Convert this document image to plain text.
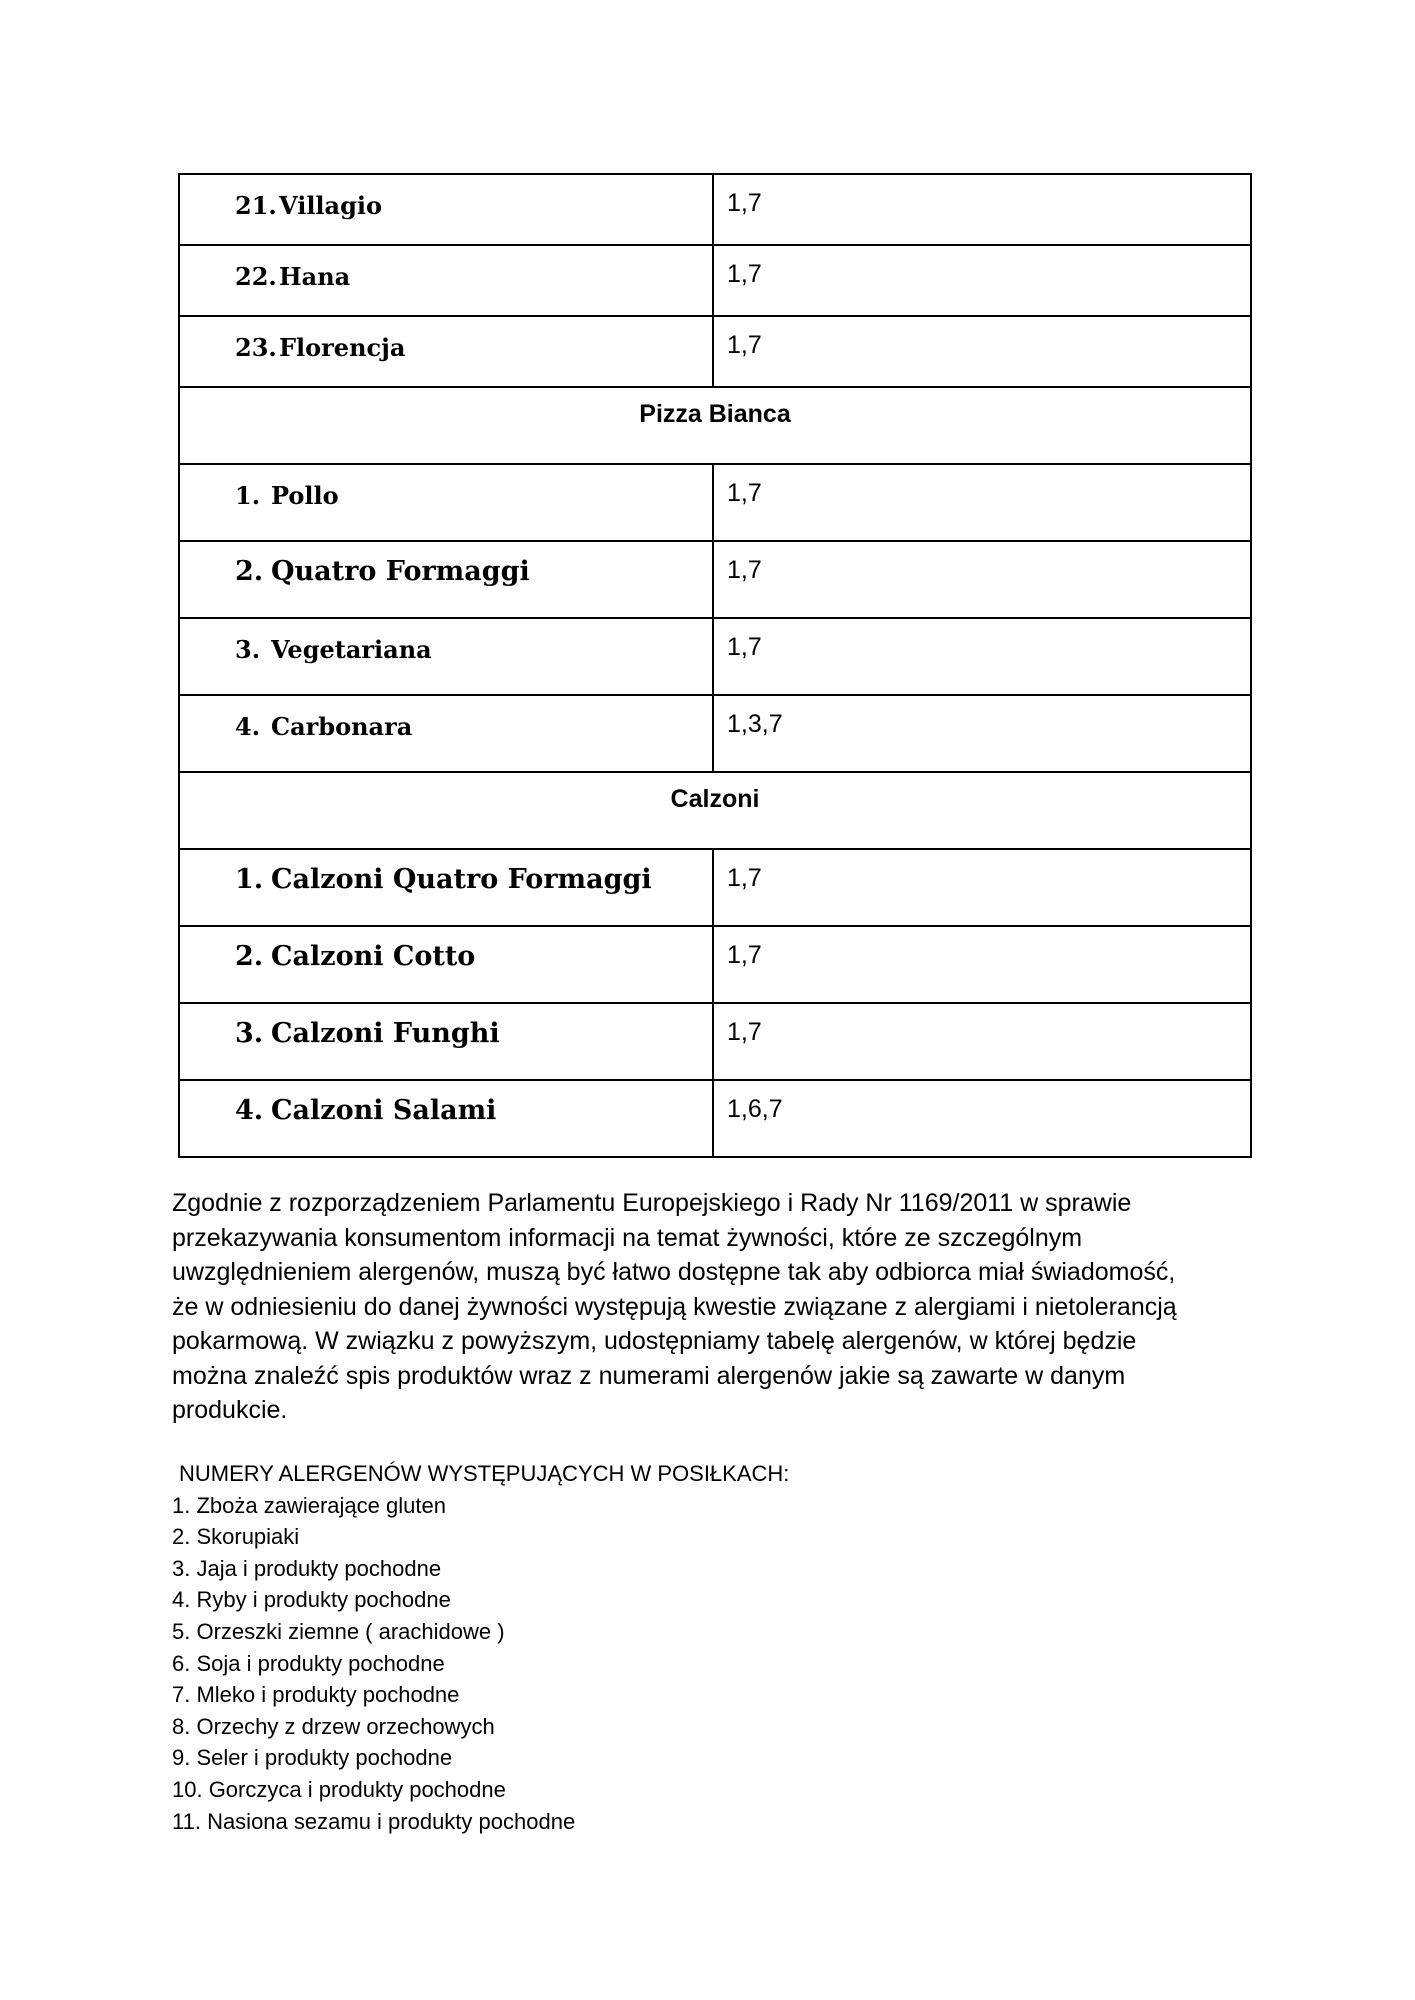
21. Villagio	1,7

22. Hana	1,7

23. Florencja	1,7

Pizza Bianca	

1. Pollo	1,7

2. Quatro Formaggi	1,7

3. Vegetariana	1,7

4. Carbonara	1,3,7

Calzoni	

1. Calzoni Quatro Formaggi	1,7

2. Calzoni Cotto	1,7

3. Calzoni Funghi	1,7

4. Calzoni Salami	1,6,7
Zgodnie z rozporządzeniem Parlamentu Europejskiego i Rady Nr 1169/2011 w sprawie
przekazywania konsumentom informacji na temat żywności, które ze szczególnym
uwzględnieniem alergenów, muszą być łatwo dostępne tak aby odbiorca miał świadomość,
że w odniesieniu do danej żywności występują kwestie związane z alergiami i nietolerancją
pokarmową. W związku z powyższym, udostępniamy tabelę alergenów, w której będzie
można znaleźć spis produktów wraz z numerami alergenów jakie są zawarte w danym
produkcie.
NUMERY ALERGENÓW WYSTĘPUJĄCYCH W POSIŁKACH:
1. Zboża zawierające gluten
2. Skorupiaki
3. Jaja i produkty pochodne
4. Ryby i produkty pochodne
5. Orzeszki ziemne ( arachidowe )
6. Soja i produkty pochodne
7. Mleko i produkty pochodne
8. Orzechy z drzew orzechowych
9. Seler i produkty pochodne
10. Gorczyca i produkty pochodne
11. Nasiona sezamu i produkty pochodne
